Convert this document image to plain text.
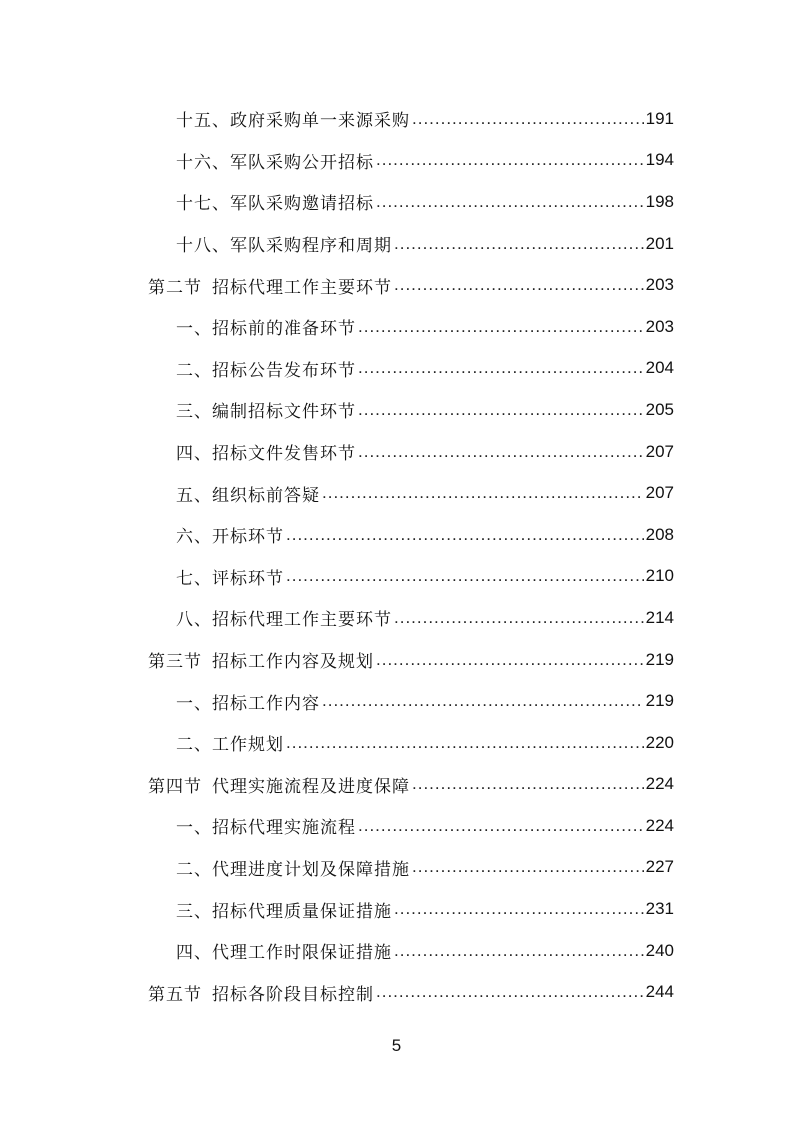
十五、政府采购单一来源采购 .....	191
十六、军队采购公开招标 .....	194
十七、军队采购邀请招标 .....	198
十八、军队采购程序和周期 .....	201
第二节 招标代理工作主要环节 .....	203
一、招标前的准备环节 .....	203
二、招标公告发布环节 .....	204
三、编制招标文件环节 .....	205
四、招标文件发售环节 .....	207
五、组织标前答疑 .....	207
六、开标环节 .....	208
七、评标环节 .....	210
八、招标代理工作主要环节 .....	214
第三节 招标工作内容及规划 .....	219
一、招标工作内容 .....	219
二、工作规划 .....	220
第四节 代理实施流程及进度保障 .....	224
一、招标代理实施流程 .....	224
二、代理进度计划及保障措施 .....	227
三、招标代理质量保证措施 .....	231
四、代理工作时限保证措施 .....	240
第五节 招标各阶段目标控制 .....	244
5
